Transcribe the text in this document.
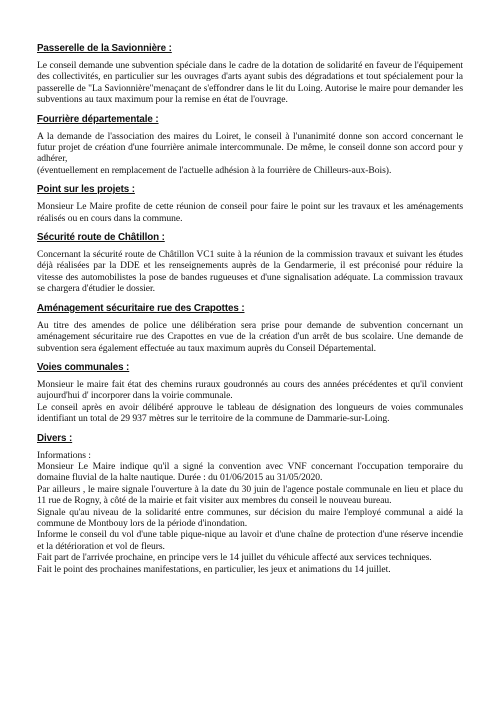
Passerelle de la Savionnière :

Le conseil demande une subvention spéciale dans le cadre de la dotation de solidarité en faveur de l'équipement des collectivités, en particulier sur les ouvrages d'arts ayant subis des dégradations et tout spécialement pour la passerelle de "La Savionnière"menaçant de s'effondrer dans le lit du Loing. Autorise le maire pour demander les subventions au taux maximum pour la remise en état de l'ouvrage.

Fourrière départementale :

A la demande de l'association des maires du Loiret, le conseil à l'unanimité donne son accord concernant le futur projet de création d'une fourrière animale intercommunale. De même, le conseil donne son accord pour y adhérer,

(éventuellement en remplacement de l'actuelle adhésion à la fourrière de Chilleurs-aux-Bois).

Point sur les projets :

Monsieur Le Maire profite de cette réunion de conseil pour faire le point sur les travaux et les aménagements réalisés ou en cours dans la commune.

Sécurité route de Châtillon :

Concernant la sécurité route de Châtillon VC1 suite à la réunion de la commission travaux et suivant les études déjà réalisées par la DDE et les renseignements auprès de la Gendarmerie, il est préconisé pour réduire la vitesse des automobilistes la pose de bandes rugueuses et d'une signalisation adéquate. La commission travaux se chargera d'étudier le dossier.

Aménagement sécuritaire rue des Crapottes :

Au titre des amendes de police une délibération sera prise pour demande de subvention concernant un aménagement sécuritaire rue des Crapottes en vue de la création d'un arrêt de bus scolaire. Une demande de subvention sera également effectuée au taux maximum auprès du Conseil Départemental.

Voies communales :

Monsieur le maire fait état des chemins ruraux goudronnés au cours des années précédentes et qu'il convient aujourd'hui d' incorporer dans la voirie communale.

Le conseil après en avoir délibéré approuve le tableau de désignation des longueurs de voies communales identifiant un total de 29 937 mètres sur le territoire de la commune de Dammarie-sur-Loing.

Divers :

Informations :

Monsieur Le Maire indique qu'il a signé la convention avec VNF concernant l'occupation temporaire du domaine fluvial de la halte nautique. Durée : du 01/06/2015 au 31/05/2020.

Par ailleurs , le maire signale l'ouverture à la date du 30 juin de l'agence postale communale en lieu et place du 11 rue de Rogny, à côté de la mairie et fait visiter aux membres du conseil le nouveau bureau.

Signale qu'au niveau de la solidarité entre communes, sur décision du maire l'employé communal a aidé la commune de Montbouy lors de la période d'inondation.

Informe le conseil du vol d'une table pique-nique au lavoir et d'une chaîne de protection d'une réserve incendie et la détérioration et vol de fleurs.

Fait part de l'arrivée prochaine, en principe vers le 14 juillet du véhicule affecté aux services techniques.

Fait le point des prochaines manifestations, en particulier, les jeux et animations du 14 juillet.
